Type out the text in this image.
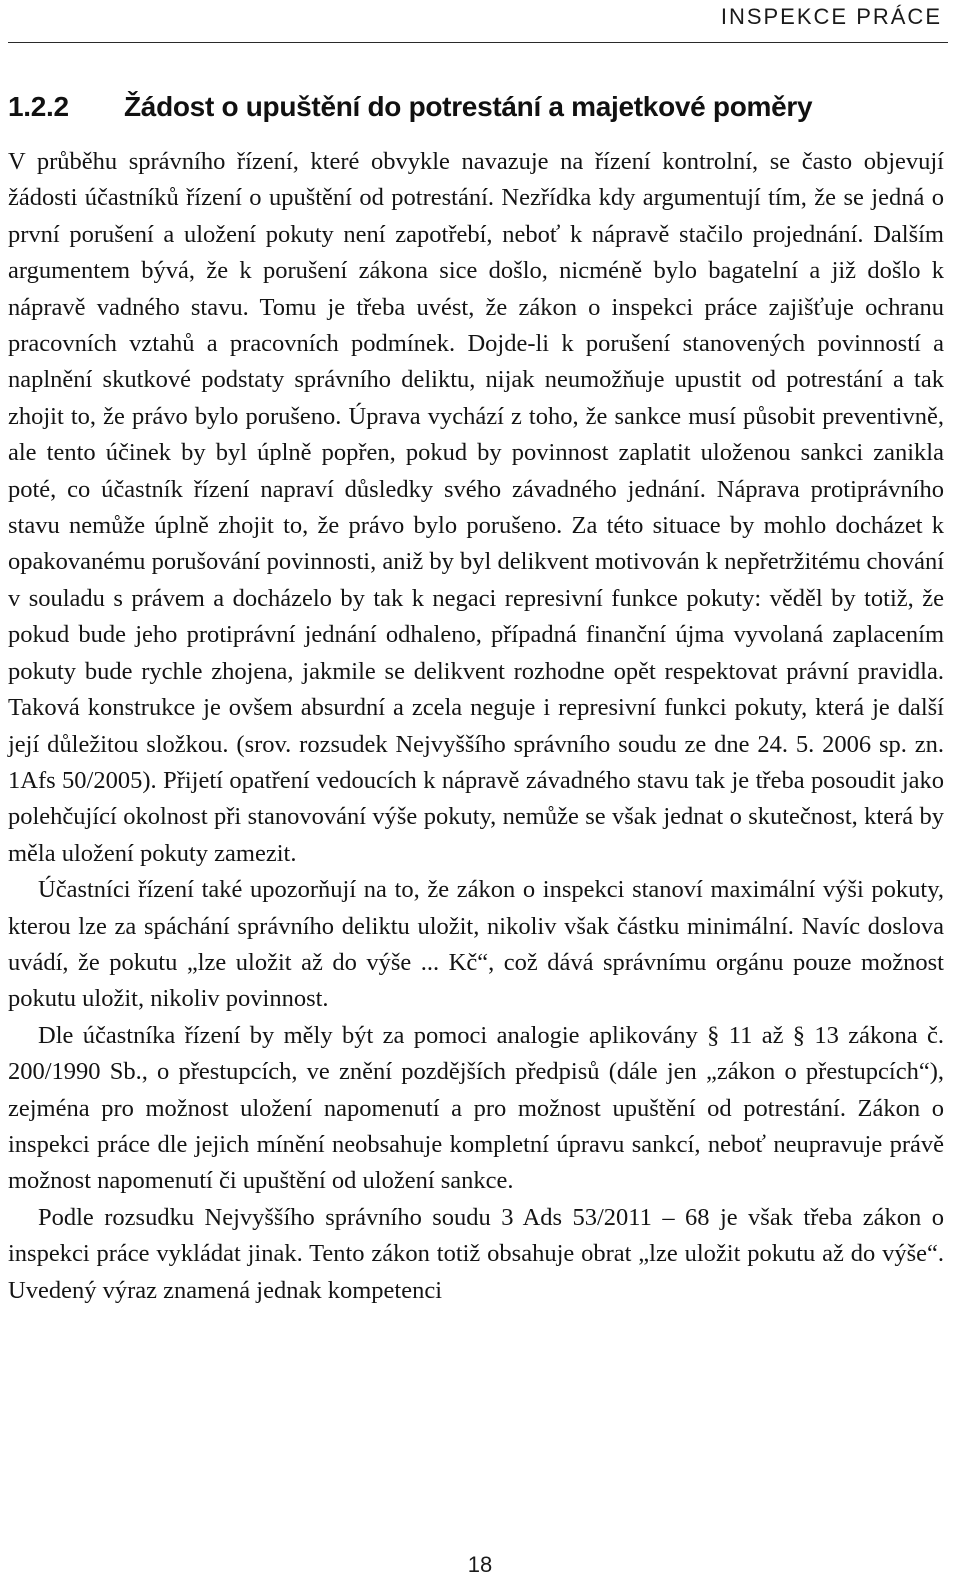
INSPEKCE PRÁCE
1.2.2 Žádost o upuštění do potrestání a majetkové poměry

V průběhu správního řízení, které obvykle navazuje na řízení kontrolní, se často objevují žádosti účastníků řízení o upuštění od potrestání. Nezřídka kdy argumentují tím, že se jedná o první porušení a uložení pokuty není zapotřebí, neboť k nápravě stačilo projednání. Dalším argumentem bývá, že k porušení zákona sice došlo, nicméně bylo bagatelní a již došlo k nápravě vadného stavu. Tomu je třeba uvést, že zákon o inspekci práce zajišťuje ochranu pracovních vztahů a pracovních podmínek. Dojde-li k porušení stanovených povinností a naplnění skutkové podstaty správního deliktu, nijak neumožňuje upustit od potrestání a tak zhojit to, že právo bylo porušeno. Úprava vychází z toho, že sankce musí působit preventivně, ale tento účinek by byl úplně popřen, pokud by povinnost zaplatit uloženou sankci zanikla poté, co účastník řízení napraví důsledky svého závadného jednání. Náprava protiprávního stavu nemůže úplně zhojit to, že právo bylo porušeno. Za této situace by mohlo docházet k opakovanému porušování povinnosti, aniž by byl delikvent motivován k nepřetržitému chování v souladu s právem a docházelo by tak k negaci represivní funkce pokuty: věděl by totiž, že pokud bude jeho protiprávní jednání odhaleno, případná finanční újma vyvolaná zaplacením pokuty bude rychle zhojena, jakmile se delikvent rozhodne opět respektovat právní pravidla. Taková konstrukce je ovšem absurdní a zcela neguje i represivní funkci pokuty, která je další její důležitou složkou. (srov. rozsudek Nejvyššího správního soudu ze dne 24. 5. 2006 sp. zn. 1Afs 50/2005). Přijetí opatření vedoucích k nápravě závadného stavu tak je třeba posoudit jako polehčující okolnost při stanovování výše pokuty, nemůže se však jednat o skutečnost, která by měla uložení pokuty zamezit.

Účastníci řízení také upozorňují na to, že zákon o inspekci stanoví maximální výši pokuty, kterou lze za spáchání správního deliktu uložit, nikoliv však částku minimální. Navíc doslova uvádí, že pokutu „lze uložit až do výše ... Kč“, což dává správnímu orgánu pouze možnost pokutu uložit, nikoliv povinnost.

Dle účastníka řízení by měly být za pomoci analogie aplikovány § 11 až § 13 zákona č. 200/1990 Sb., o přestupcích, ve znění pozdějších předpisů (dále jen „zákon o přestupcích“), zejména pro možnost uložení napomenutí a pro možnost upuštění od potrestání. Zákon o inspekci práce dle jejich mínění neobsahuje kompletní úpravu sankcí, neboť neupravuje právě možnost napomenutí či upuštění od uložení sankce.

Podle rozsudku Nejvyššího správního soudu 3 Ads 53/2011 – 68 je však třeba zákon o inspekci práce vykládat jinak. Tento zákon totiž obsahuje obrat „lze uložit pokutu až do výše“. Uvedený výraz znamená jednak kompetenci

18
